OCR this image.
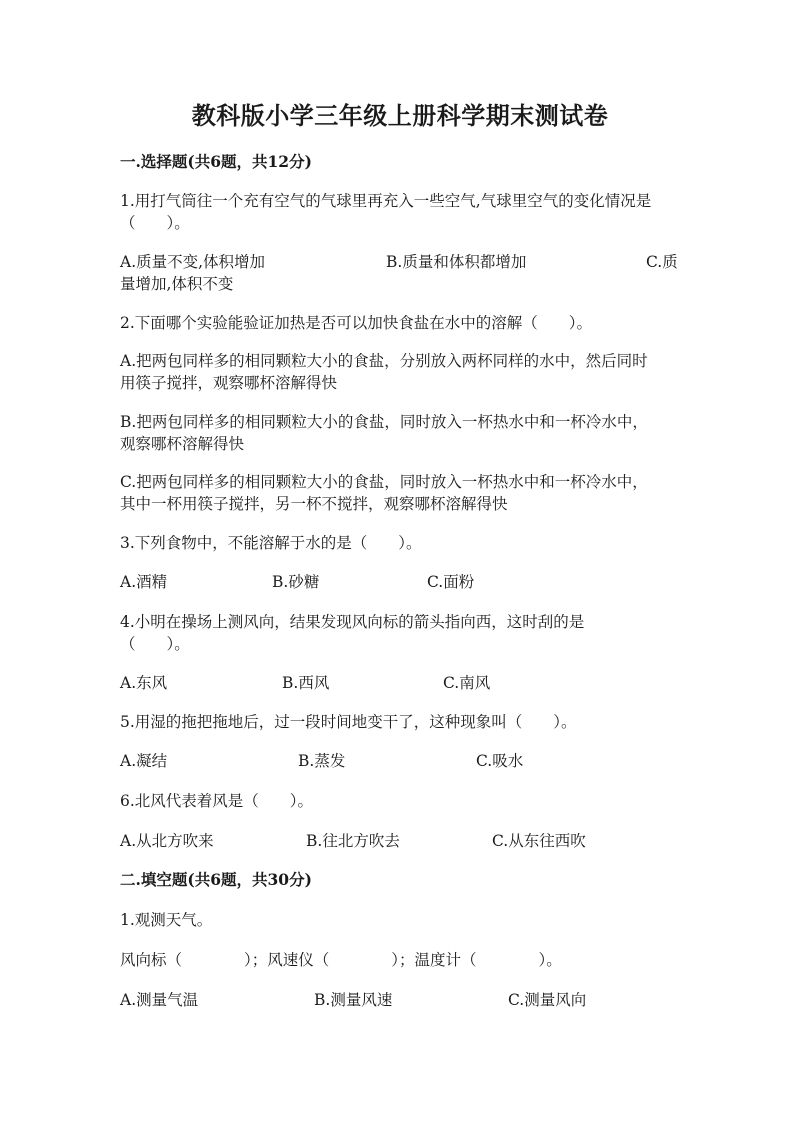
教科版小学三年级上册科学期末测试卷
一.选择题(共6题，共12分)
1.用打气筒往一个充有空气的气球里再充入一些空气,气球里空气的变化情况是
（　　）。
A.质量不变,体积增加	B.质量和体积都增加	C.质
量增加,体积不变
2.下面哪个实验能验证加热是否可以加快食盐在水中的溶解（　　）。
A.把两包同样多的相同颗粒大小的食盐，分别放入两杯同样的水中，然后同时
用筷子搅拌，观察哪杯溶解得快
B.把两包同样多的相同颗粒大小的食盐，同时放入一杯热水中和一杯冷水中，
观察哪杯溶解得快
C.把两包同样多的相同颗粒大小的食盐，同时放入一杯热水中和一杯冷水中，
其中一杯用筷子搅拌，另一杯不搅拌，观察哪杯溶解得快
3.下列食物中，不能溶解于水的是（　　）。
A.酒精	B.砂糖	C.面粉
4.小明在操场上测风向，结果发现风向标的箭头指向西，这时刮的是
（　　）。
A.东风	B.西风	C.南风
5.用湿的拖把拖地后，过一段时间地变干了，这种现象叫（　　）。
A.凝结	B.蒸发	C.吸水
6.北风代表着风是（　　）。
A.从北方吹来	B.往北方吹去	C.从东往西吹
二.填空题(共6题，共30分)
1.观测天气。
风向标（　　　　）；风速仪（　　　　）；温度计（　　　　）。
A.测量气温	B.测量风速	C.测量风向
